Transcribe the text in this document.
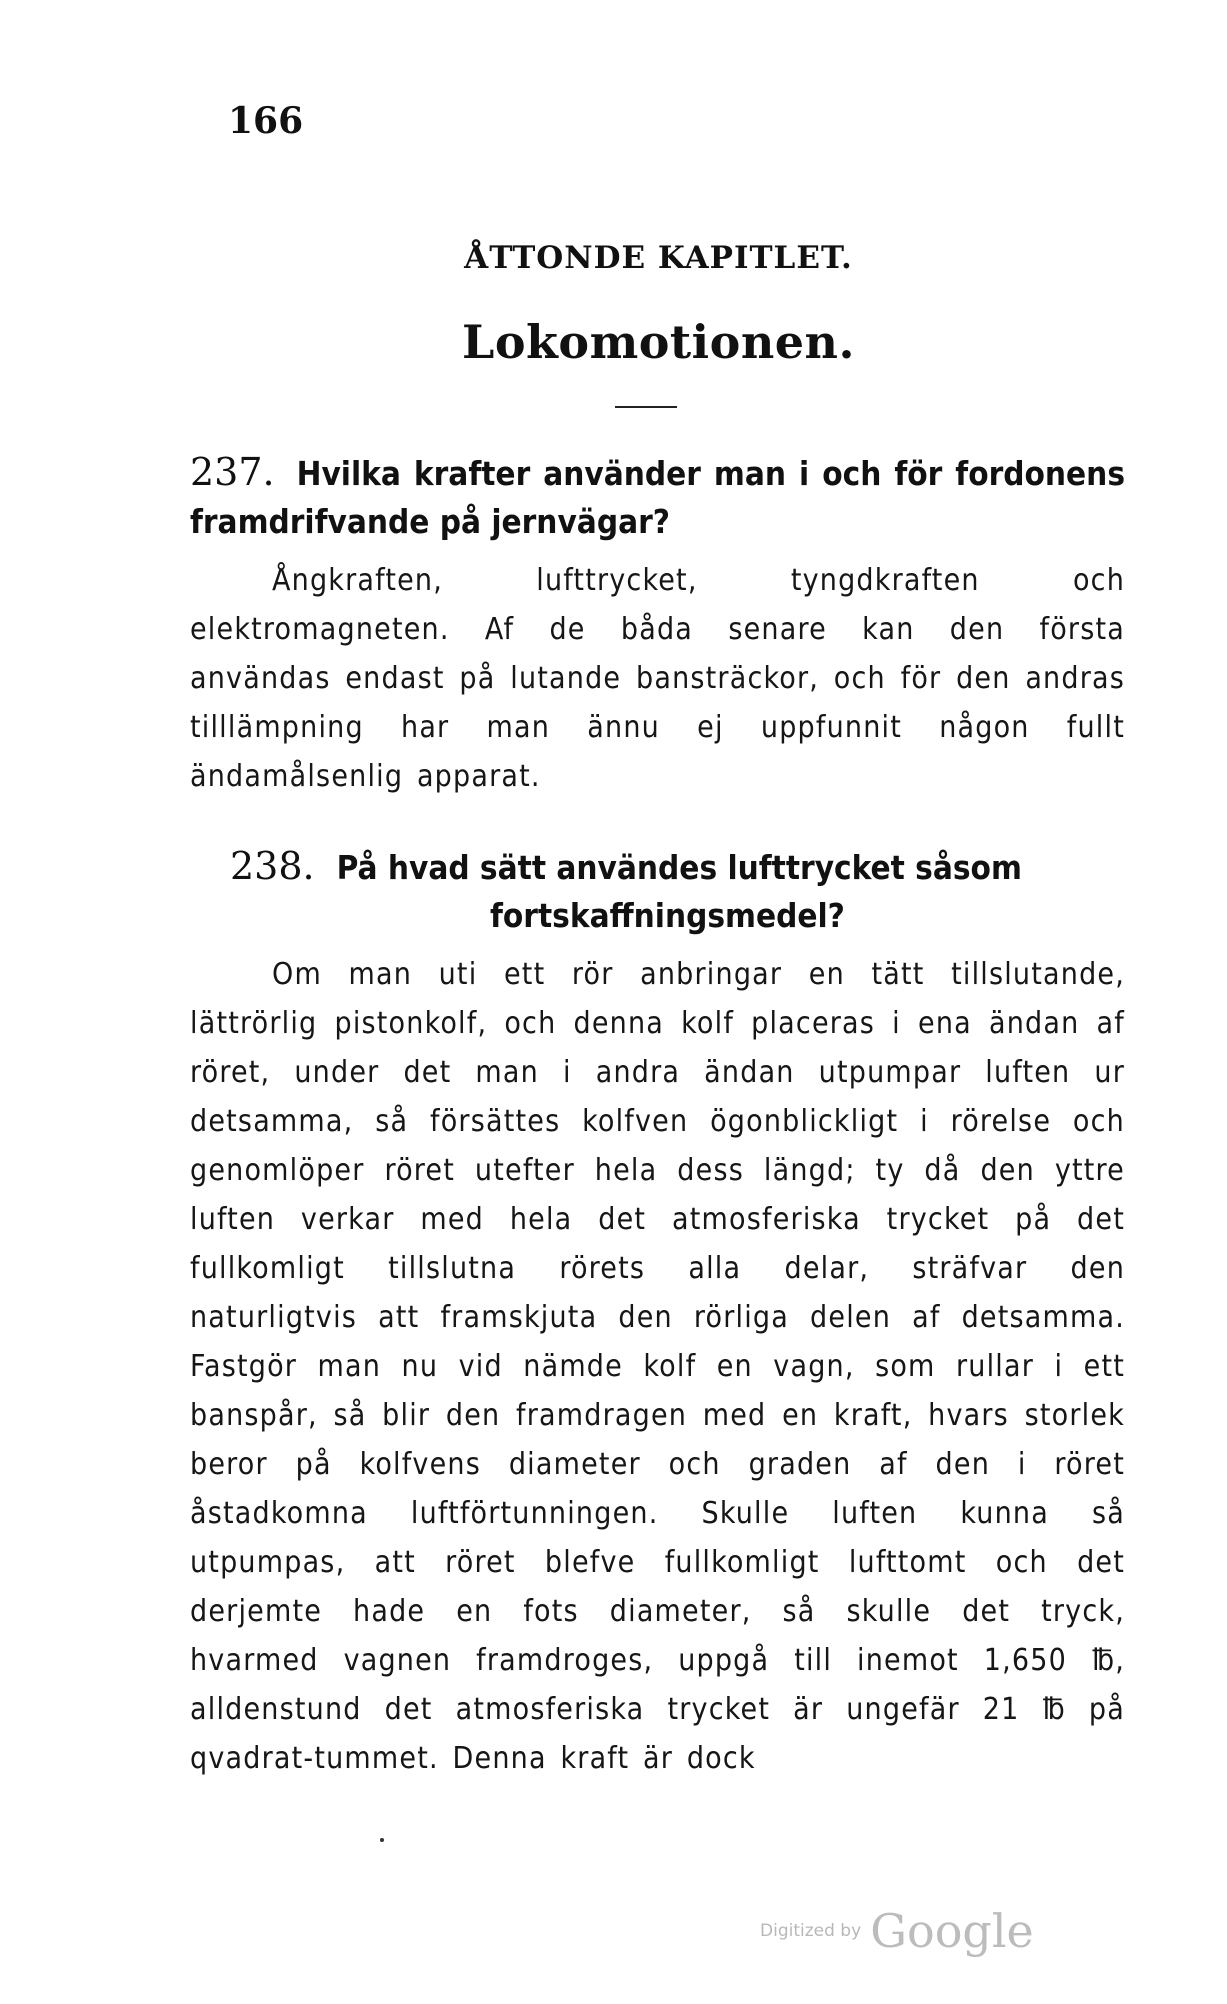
166
ÅTTONDE KAPITLET.
Lokomotionen.
237. Hvilka krafter använder man i och för fordonens framdrifvande på jernvägar?
Ångkraften, lufttrycket, tyngdkraften och elektromagneten. Af de båda senare kan den första användas endast på lutande bansträckor, och för den andras tilllämpning har man ännu ej uppfunnit någon fullt ändamålsenlig apparat.
238. På hvad sätt användes lufttrycket såsom
fortskaffningsmedel?
Om man uti ett rör anbringar en tätt tillslutande, lättrörlig pistonkolf, och denna kolf placeras i ena ändan af röret, under det man i andra ändan utpumpar luften ur detsamma, så försättes kolfven ögonblickligt i rörelse och genomlöper röret utefter hela dess längd; ty då den yttre luften verkar med hela det atmosferiska trycket på det fullkomligt tillslutna rörets alla delar, sträfvar den naturligtvis att framskjuta den rörliga delen af detsamma. Fastgör man nu vid nämde kolf en vagn, som rullar i ett banspår, så blir den framdragen med en kraft, hvars storlek beror på kolfvens diameter och graden af den i röret åstadkomna luftförtunningen. Skulle luften kunna så utpumpas, att röret blefve fullkomligt lufttomt och det derjemte hade en fots diameter, så skulle det tryck, hvarmed vagnen framdroges, uppgå till inemot 1,650 ℔, alldenstund det atmosferiska trycket är ungefär 21 ℔ på qvadrat-tummet. Denna kraft är dock
Digitized by Google
